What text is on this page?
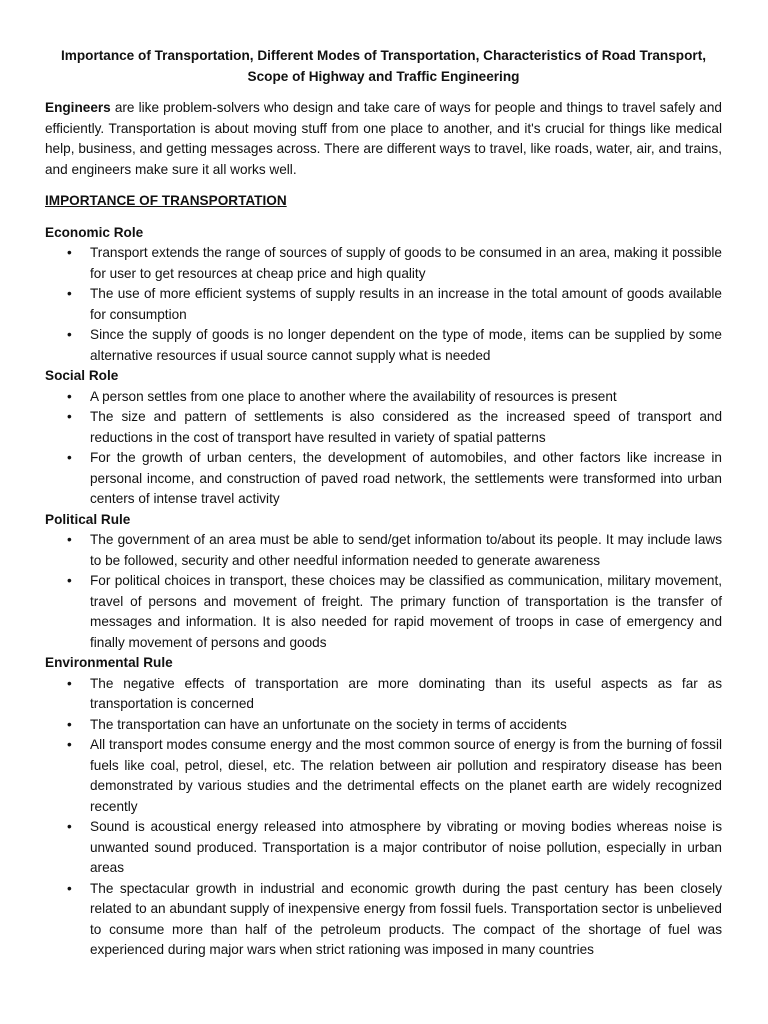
Importance of Transportation, Different Modes of Transportation, Characteristics of Road Transport, Scope of Highway and Traffic Engineering

Engineers are like problem-solvers who design and take care of ways for people and things to travel safely and efficiently. Transportation is about moving stuff from one place to another, and it's crucial for things like medical help, business, and getting messages across. There are different ways to travel, like roads, water, air, and trains, and engineers make sure it all works well.

IMPORTANCE OF TRANSPORTATION
Economic Role
• Transport extends the range of sources of supply of goods to be consumed in an area, making it possible for user to get resources at cheap price and high quality
• The use of more efficient systems of supply results in an increase in the total amount of goods available for consumption
• Since the supply of goods is no longer dependent on the type of mode, items can be supplied by some alternative resources if usual source cannot supply what is needed
Social Role
• A person settles from one place to another where the availability of resources is present
• The size and pattern of settlements is also considered as the increased speed of transport and reductions in the cost of transport have resulted in variety of spatial patterns
• For the growth of urban centers, the development of automobiles, and other factors like increase in personal income, and construction of paved road network, the settlements were transformed into urban centers of intense travel activity
Political Rule
• The government of an area must be able to send/get information to/about its people. It may include laws to be followed, security and other needful information needed to generate awareness
• For political choices in transport, these choices may be classified as communication, military movement, travel of persons and movement of freight. The primary function of transportation is the transfer of messages and information. It is also needed for rapid movement of troops in case of emergency and finally movement of persons and goods
Environmental Rule
• The negative effects of transportation are more dominating than its useful aspects as far as transportation is concerned
• The transportation can have an unfortunate on the society in terms of accidents
• All transport modes consume energy and the most common source of energy is from the burning of fossil fuels like coal, petrol, diesel, etc. The relation between air pollution and respiratory disease has been demonstrated by various studies and the detrimental effects on the planet earth are widely recognized recently
• Sound is acoustical energy released into atmosphere by vibrating or moving bodies whereas noise is unwanted sound produced. Transportation is a major contributor of noise pollution, especially in urban areas
• The spectacular growth in industrial and economic growth during the past century has been closely related to an abundant supply of inexpensive energy from fossil fuels. Transportation sector is unbelieved to consume more than half of the petroleum products. The compact of the shortage of fuel was experienced during major wars when strict rationing was imposed in many countries
